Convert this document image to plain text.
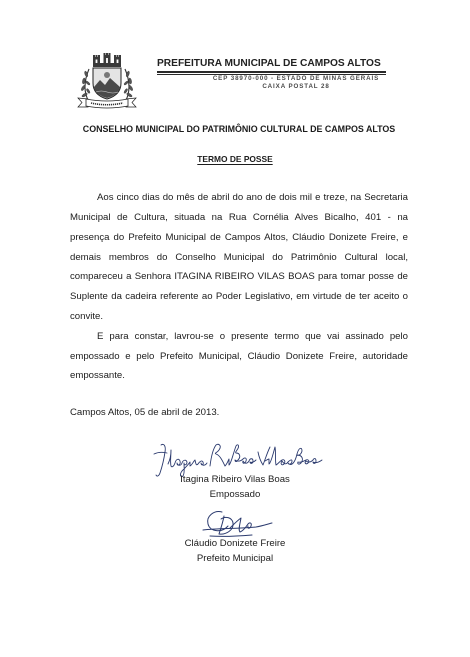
PREFEITURA MUNICIPAL DE CAMPOS ALTOS
CEP 38970-000 - ESTADO DE MINAS GERAIS
CAIXA POSTAL 28
CONSELHO MUNICIPAL DO PATRIMÔNIO CULTURAL DE CAMPOS ALTOS
TERMO DE POSSE
Aos cinco dias do mês de abril do ano de dois mil e treze, na Secretaria
Municipal de Cultura, situada na Rua Cornélia Alves Bicalho, 401 - na
presença do Prefeito Municipal de Campos Altos, Cláudio Donizete Freire, e
demais membros do Conselho Municipal do Patrimônio Cultural local,
compareceu a Senhora ITAGINA RIBEIRO VILAS BOAS para tomar posse de
Suplente da cadeira referente ao Poder Legislativo, em virtude de ter aceito o
convite.
E para constar, lavrou-se o presente termo que vai assinado pelo
empossado e pelo Prefeito Municipal, Cláudio Donizete Freire, autoridade
empossante.
Campos Altos, 05 de abril de 2013.
Itagina Ribeiro Vilas Boas
Empossado
Cláudio Donizete Freire
Prefeito Municipal
